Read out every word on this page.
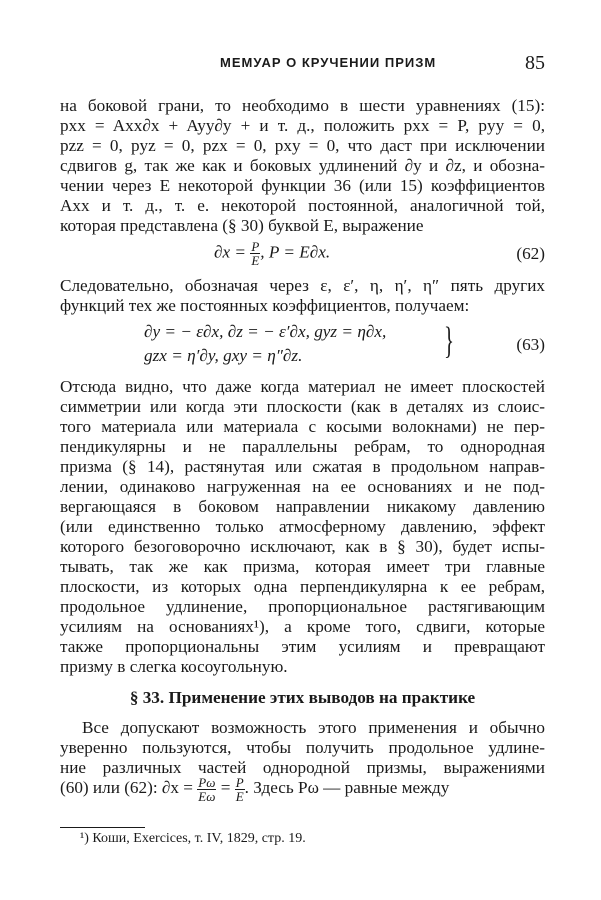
МЕМУАР О КРУЧЕНИИ ПРИЗМ	85
на боковой грани, то необходимо в шести уравнениях (15):
pxx = Axx∂x + Ayy∂y + и т. д., положить pxx = P, pyy = 0,
pzz = 0, pyz = 0, pzx = 0, pxy = 0, что даст при исключении
сдвигов g, так же как и боковых удлинений ∂y и ∂z, и обозна-
чении через E некоторой функции 36 (или 15) коэффициентов
Axx и т. д., т. е. некоторой постоянной, аналогичной той,
которая представлена (§ 30) буквой E, выражение
$\partial x = \frac{P}{E}$ , P = E∂x.	(62)
Следовательно, обозначая через ε, ε′, η, η′, η″ пять других
функций тех же постоянных коэффициентов, получаем:
∂y = − ε∂x, ∂z = − ε′∂x, gyz = η∂x,
gzx = η′∂y, gxy = η″∂z.	}	(63)
Отсюда видно, что даже когда материал не имеет плоскостей
симметрии или когда эти плоскости (как в деталях из слоис-
того материала или материала с косыми волокнами) не пер-
пендикулярны и не параллельны ребрам, то однородная
призма (§ 14), растянутая или сжатая в продольном направ-
лении, одинаково нагруженная на ее основаниях и не под-
вергающаяся в боковом направлении никакому давлению
(или единственно только атмосферному давлению, эффект
которого безоговорочно исключают, как в § 30), будет испы-
тывать, так же как призма, которая имеет три главные
плоскости, из которых одна перпендикулярна к ее ребрам,
продольное удлинение, пропорциональное растягивающим
усилиям на основаниях¹), а кроме того, сдвиги, которые
также пропорциональны этим усилиям и превращают
призму в слегка косоугольную.
§ 33. Применение этих выводов на практике
Все допускают возможность этого применения и обычно
уверенно пользуются, чтобы получить продольное удлине-
ние различных частей однородной призмы, выражениями
(60) или (62): $\partial x = \frac{P\omega}{E\omega} = \frac{P}{E}$ . Здесь Pω — равные между
¹) Коши, Exercices, т. IV, 1829, стр. 19.
